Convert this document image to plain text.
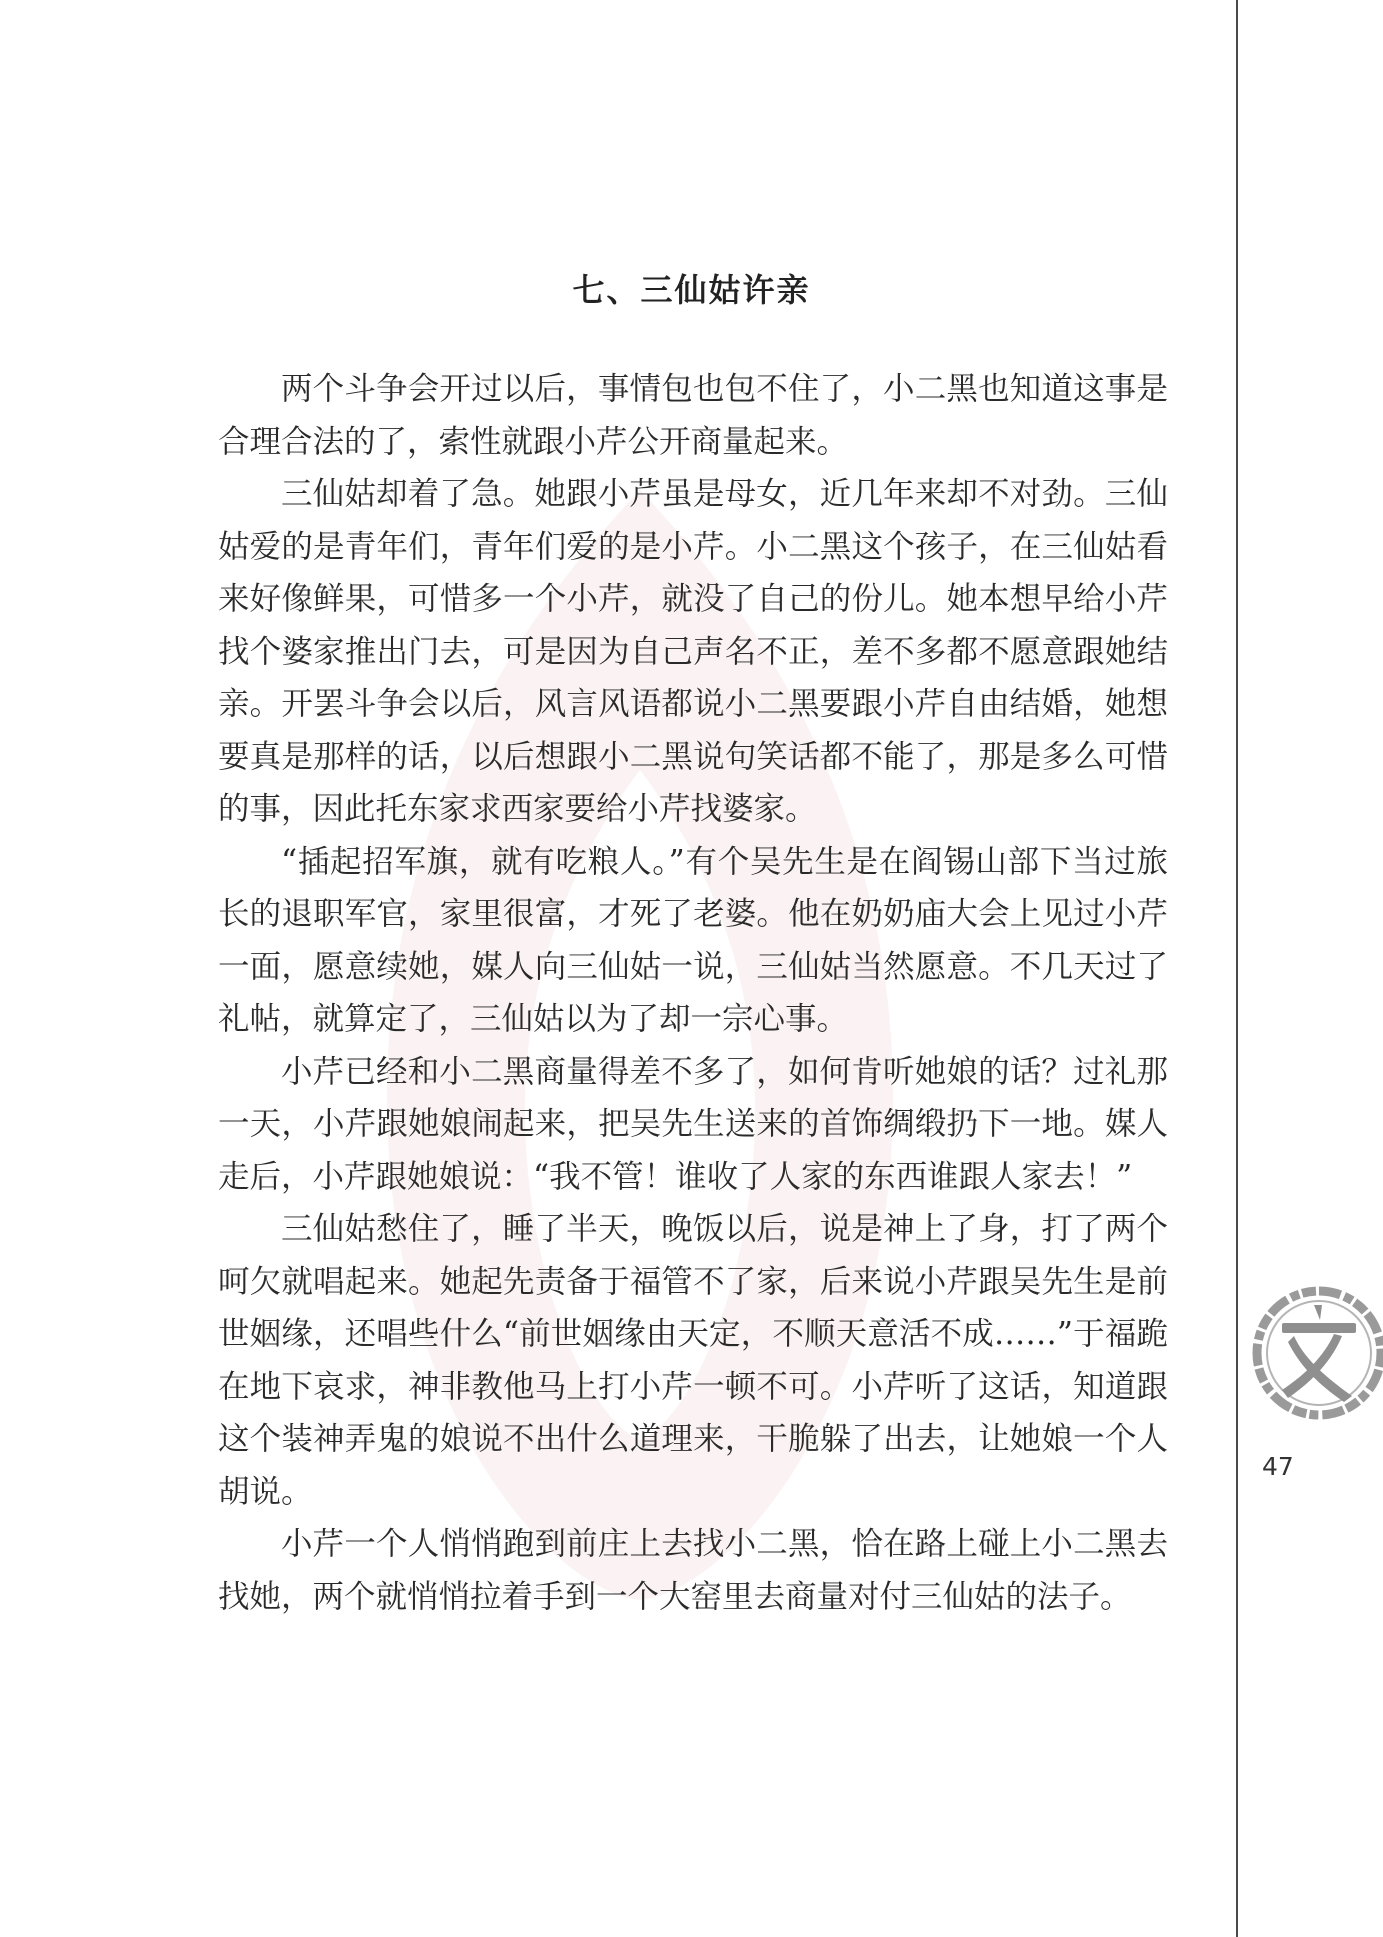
七、三仙姑许亲

两个斗争会开过以后，事情包也包不住了，小二黑也知道这事是合理合法的了，索性就跟小芹公开商量起来。

三仙姑却着了急。她跟小芹虽是母女，近几年来却不对劲。三仙姑爱的是青年们，青年们爱的是小芹。小二黑这个孩子，在三仙姑看来好像鲜果，可惜多一个小芹，就没了自己的份儿。她本想早给小芹找个婆家推出门去，可是因为自己声名不正，差不多都不愿意跟她结亲。开罢斗争会以后，风言风语都说小二黑要跟小芹自由结婚，她想要真是那样的话，以后想跟小二黑说句笑话都不能了，那是多么可惜的事，因此托东家求西家要给小芹找婆家。

“插起招军旗，就有吃粮人。”有个吴先生是在阎锡山部下当过旅长的退职军官，家里很富，才死了老婆。他在奶奶庙大会上见过小芹一面，愿意续她，媒人向三仙姑一说，三仙姑当然愿意。不几天过了礼帖，就算定了，三仙姑以为了却一宗心事。

小芹已经和小二黑商量得差不多了，如何肯听她娘的话？过礼那一天，小芹跟她娘闹起来，把吴先生送来的首饰绸缎扔下一地。媒人走后，小芹跟她娘说：“我不管！谁收了人家的东西谁跟人家去！”

三仙姑愁住了，睡了半天，晚饭以后，说是神上了身，打了两个呵欠就唱起来。她起先责备于福管不了家，后来说小芹跟吴先生是前世姻缘，还唱些什么“前世姻缘由天定，不顺天意活不成……”于福跪在地下哀求，神非教他马上打小芹一顿不可。小芹听了这话，知道跟这个装神弄鬼的娘说不出什么道理来，干脆躲了出去，让她娘一个人胡说。

小芹一个人悄悄跑到前庄上去找小二黑，恰在路上碰上小二黑去找她，两个就悄悄拉着手到一个大窑里去商量对付三仙姑的法子。

47
